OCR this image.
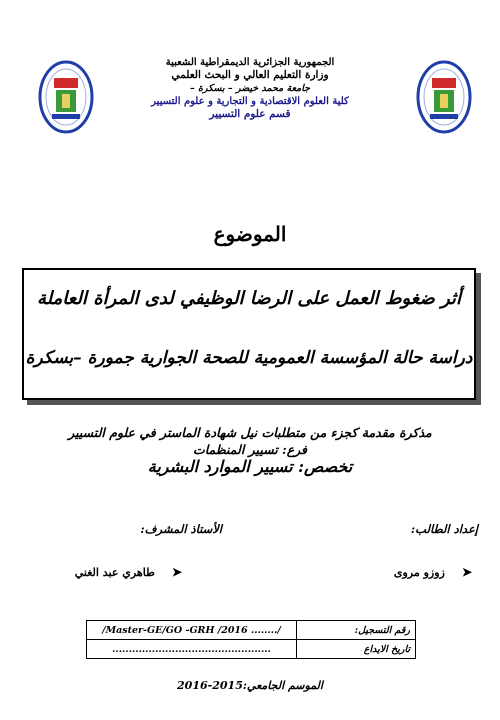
الجمهورية الجزائرية الديمقراطية الشعبية
وزارة التعليم العالي و البحث العلمي
جامعة محمد خيضر – بسكرة –
كلية العلوم الاقتصادية و التجارية و علوم التسيير
قسم علوم التسيير
الموضوع
أثر ضغوط العمل على الرضا الوظيفي لدى المرأة العاملة
دراسة حالة المؤسسة العمومية للصحة الجوارية جمورة –بسكرة
مذكرة مقدمة كجزء من متطلبات نيل شهادة الماستر في علوم التسيير
فرع: تسيير المنظمات
تخصص: تسيير الموارد البشرية
إعداد الطالب:
الأستاذ المشرف:
➤ زوزو مروى
➤ طاهري عبد الغني
رقم التسجيل:	/Master-GE/GO -GRH /2016 ......../
تاريخ الايداع	................................................
الموسم الجامعي:2015-2016
